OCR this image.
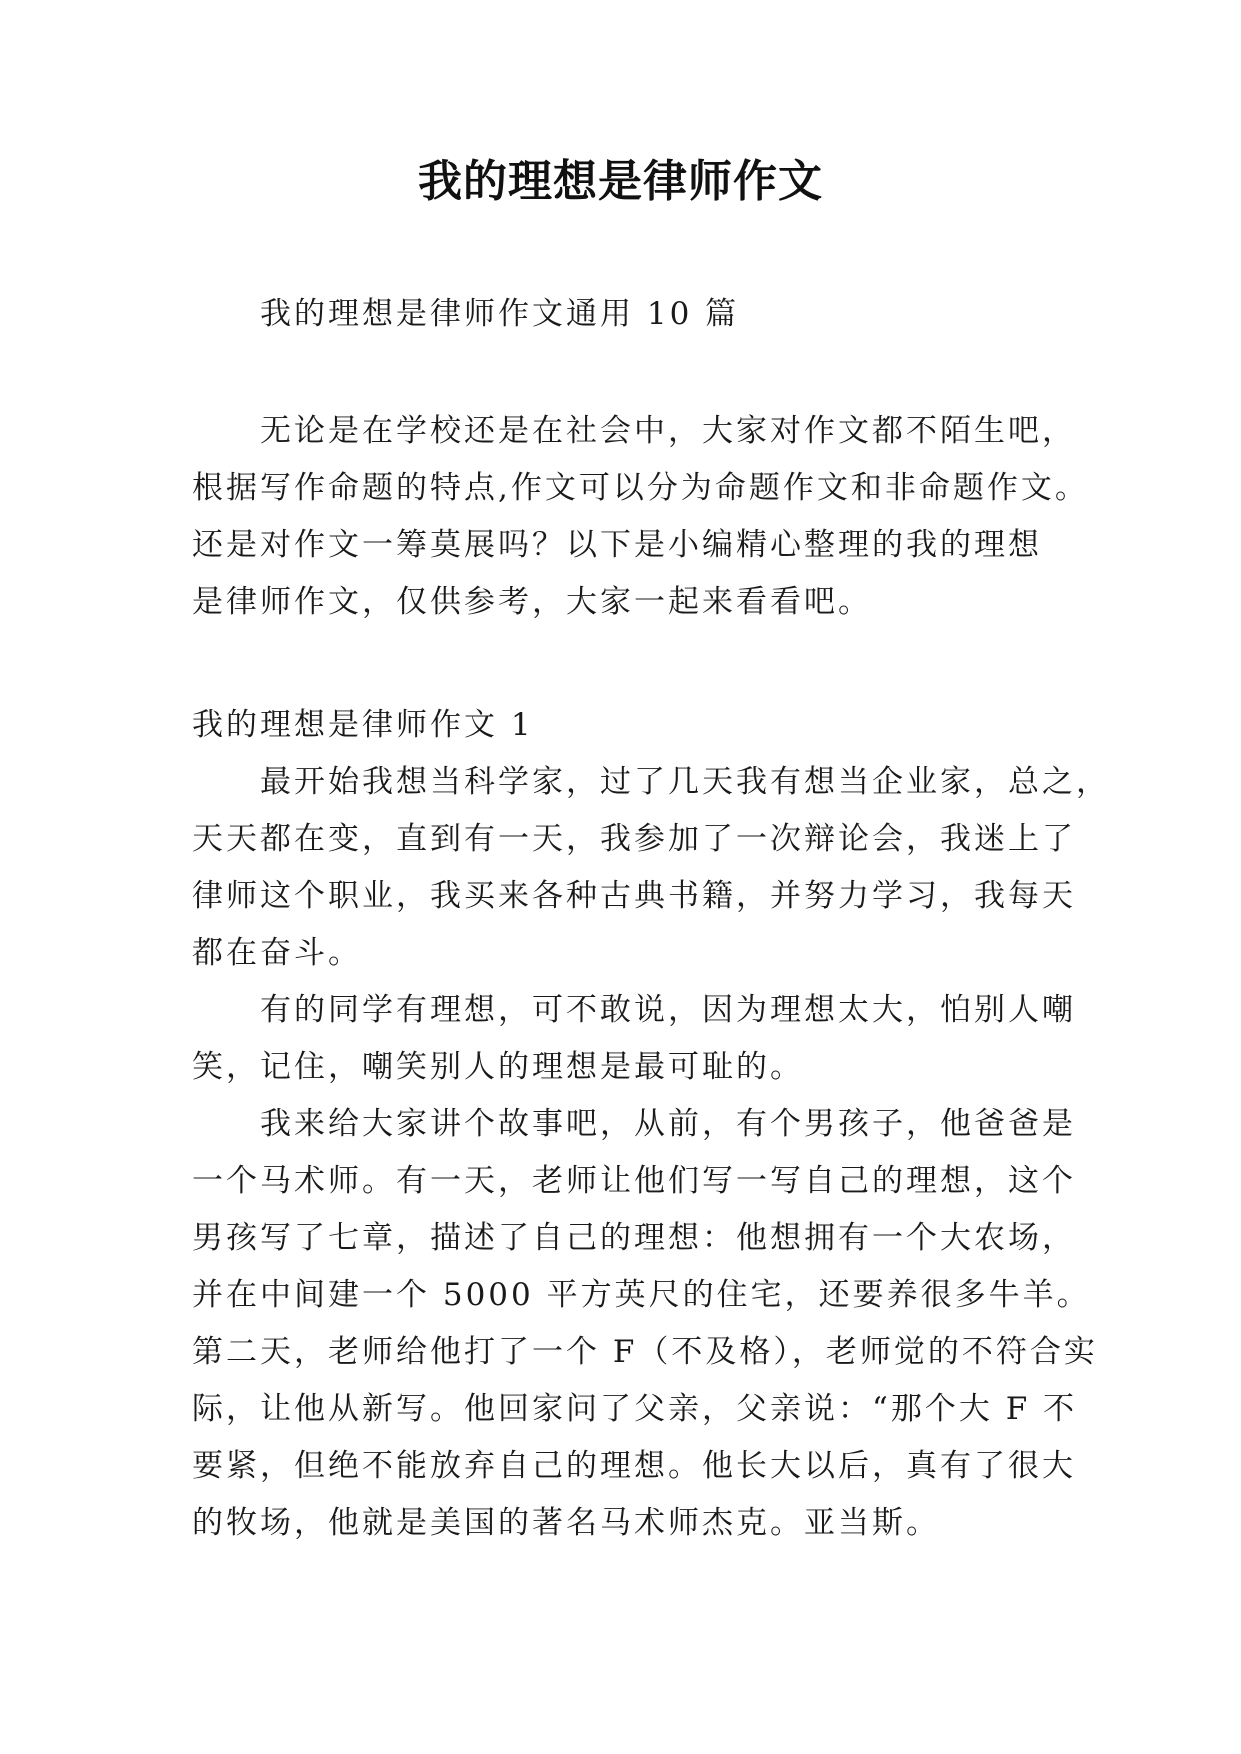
我的理想是律师作文
我的理想是律师作文通用 10 篇
无论是在学校还是在社会中，大家对作文都不陌生吧，
根据写作命题的特点,作文可以分为命题作文和非命题作文。
还是对作文一筹莫展吗？以下是小编精心整理的我的理想
是律师作文，仅供参考，大家一起来看看吧。
我的理想是律师作文 1
最开始我想当科学家，过了几天我有想当企业家，总之，
天天都在变，直到有一天，我参加了一次辩论会，我迷上了
律师这个职业，我买来各种古典书籍，并努力学习，我每天
都在奋斗。
有的同学有理想，可不敢说，因为理想太大，怕别人嘲
笑，记住，嘲笑别人的理想是最可耻的。
我来给大家讲个故事吧，从前，有个男孩子，他爸爸是
一个马术师。有一天，老师让他们写一写自己的理想，这个
男孩写了七章，描述了自己的理想：他想拥有一个大农场，
并在中间建一个 5000 平方英尺的住宅，还要养很多牛羊。
第二天，老师给他打了一个 F（不及格），老师觉的不符合实
际，让他从新写。他回家问了父亲，父亲说：“那个大 F 不
要紧，但绝不能放弃自己的理想。他长大以后，真有了很大
的牧场，他就是美国的著名马术师杰克。亚当斯。
